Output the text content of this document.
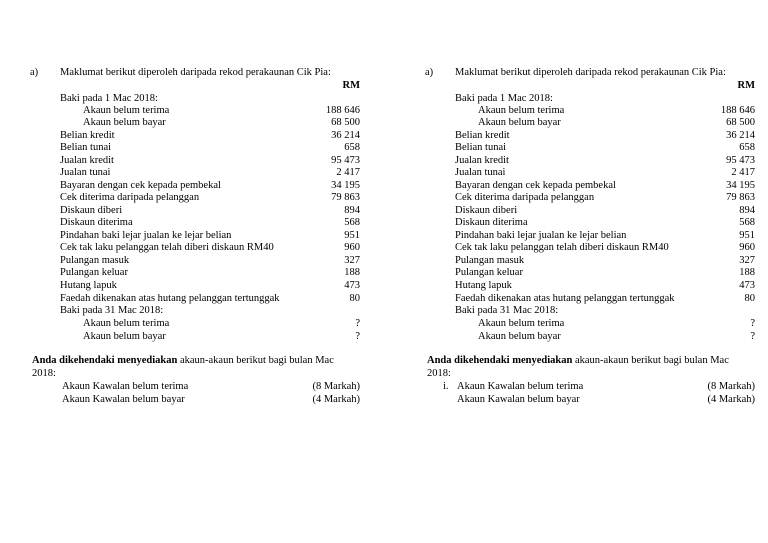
a) Maklumat berikut diperoleh daripada rekod perakaunan Cik Pia:
RM
Baki pada 1 Mac 2018:
Akaun belum terima	188 646
Akaun belum bayar	68 500
Belian kredit	36 214
Belian tunai	658
Jualan kredit	95 473
Jualan tunai	2 417
Bayaran dengan cek kepada pembekal	34 195
Cek diterima daripada pelanggan	79 863
Diskaun diberi	894
Diskaun diterima	568
Pindahan baki lejar jualan ke lejar belian	951
Cek tak laku pelanggan telah diberi diskaun RM40	960
Pulangan masuk	327
Pulangan keluar	188
Hutang lapuk	473
Faedah dikenakan atas hutang pelanggan tertunggak	80
Baki pada 31 Mac 2018:
Akaun belum terima	?
Akaun belum bayar	?
Anda dikehendaki menyediakan akaun-akaun berikut bagi bulan Mac
2018:
Akaun Kawalan belum terima	(8 Markah)
Akaun Kawalan belum bayar	(4 Markah)
a) Maklumat berikut diperoleh daripada rekod perakaunan Cik Pia:
RM
Baki pada 1 Mac 2018:
Akaun belum terima	188 646
Akaun belum bayar	68 500
Belian kredit	36 214
Belian tunai	658
Jualan kredit	95 473
Jualan tunai	2 417
Bayaran dengan cek kepada pembekal	34 195
Cek diterima daripada pelanggan	79 863
Diskaun diberi	894
Diskaun diterima	568
Pindahan baki lejar jualan ke lejar belian	951
Cek tak laku pelanggan telah diberi diskaun RM40	960
Pulangan masuk	327
Pulangan keluar	188
Hutang lapuk	473
Faedah dikenakan atas hutang pelanggan tertunggak	80
Baki pada 31 Mac 2018:
Akaun belum terima	?
Akaun belum bayar	?
Anda dikehendaki menyediakan akaun-akaun berikut bagi bulan Mac
2018:
i. Akaun Kawalan belum terima	(8 Markah)
Akaun Kawalan belum bayar	(4 Markah)
